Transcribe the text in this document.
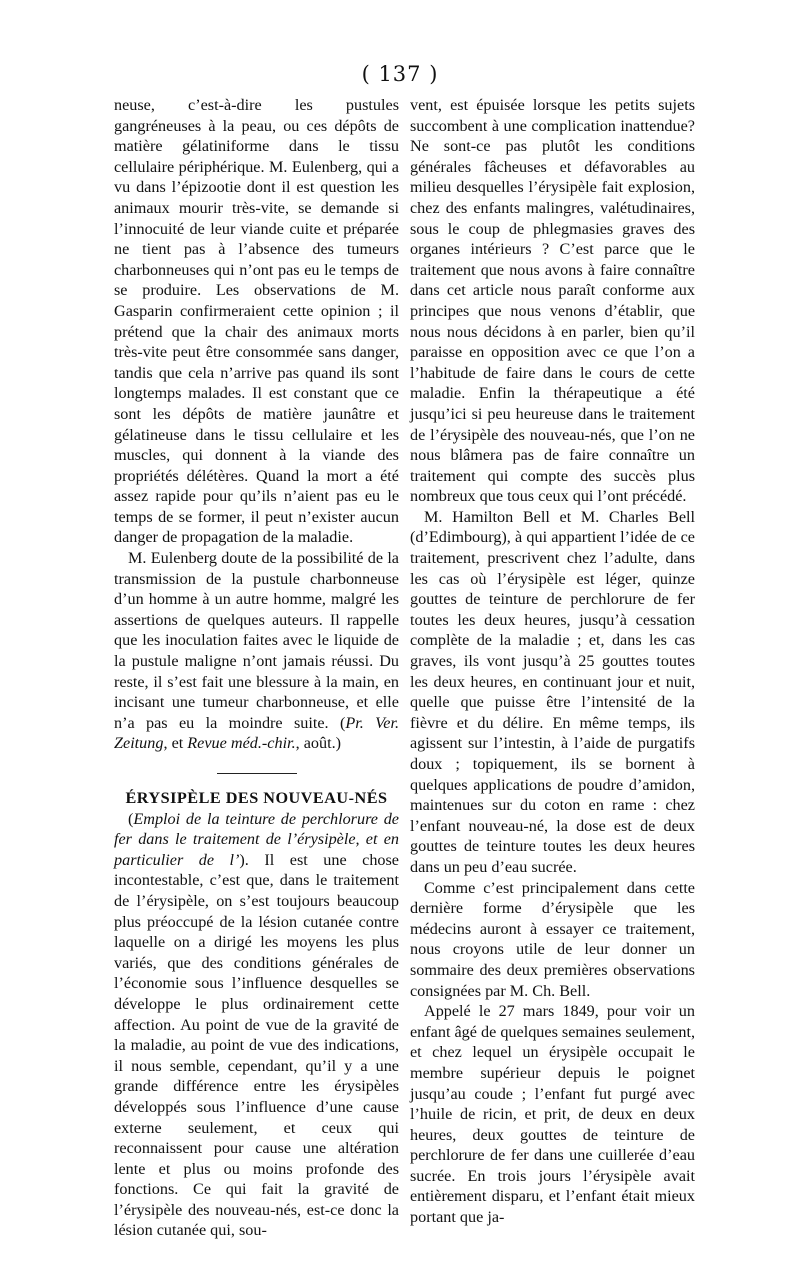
( 137 )

neuse, c’est-à-dire les pustules gangréneuses à la peau, ou ces dépôts de matière gélatiniforme dans le tissu cellulaire périphérique. M. Eulenberg, qui a vu dans l’épizootie dont il est question les animaux mourir très-vite, se demande si l’innocuité de leur viande cuite et préparée ne tient pas à l’absence des tumeurs charbonneuses qui n’ont pas eu le temps de se produire. Les observations de M. Gasparin confirmeraient cette opinion ; il prétend que la chair des animaux morts très-vite peut être consommée sans danger, tandis que cela n’arrive pas quand ils sont longtemps malades. Il est constant que ce sont les dépôts de matière jaunâtre et gélatineuse dans le tissu cellulaire et les muscles, qui donnent à la viande des propriétés délétères. Quand la mort a été assez rapide pour qu’ils n’aient pas eu le temps de se former, il peut n’exister aucun danger de propagation de la maladie.

M. Eulenberg doute de la possibilité de la transmission de la pustule charbonneuse d’un homme à un autre homme, malgré les assertions de quelques auteurs. Il rappelle que les inoculation faites avec le liquide de la pustule maligne n’ont jamais réussi. Du reste, il s’est fait une blessure à la main, en incisant une tumeur charbonneuse, et elle n’a pas eu la moindre suite. (Pr. Ver. Zeitung, et Revue méd.-chir., août.)

ÉRYSIPÈLE DES NOUVEAU-NÉS

(Emploi de la teinture de perchlorure de fer dans le traitement de l’érysipèle, et en particulier de l’). Il est une chose incontestable, c’est que, dans le traitement de l’érysipèle, on s’est toujours beaucoup plus préoccupé de la lésion cutanée contre laquelle on a dirigé les moyens les plus variés, que des conditions générales de l’économie sous l’influence desquelles se développe le plus ordinairement cette affection. Au point de vue de la gravité de la maladie, au point de vue des indications, il nous semble, cependant, qu’il y a une grande différence entre les érysipèles développés sous l’influence d’une cause externe seulement, et ceux qui reconnaissent pour cause une altération lente et plus ou moins profonde des fonctions. Ce qui fait la gravité de l’érysipèle des nouveau-nés, est-ce donc la lésion cutanée qui, sou-

vent, est épuisée lorsque les petits sujets succombent à une complication inattendue? Ne sont-ce pas plutôt les conditions générales fâcheuses et défavorables au milieu desquelles l’érysipèle fait explosion, chez des enfants malingres, valétudinaires, sous le coup de phlegmasies graves des organes intérieurs ? C’est parce que le traitement que nous avons à faire connaître dans cet article nous paraît conforme aux principes que nous venons d’établir, que nous nous décidons à en parler, bien qu’il paraisse en opposition avec ce que l’on a l’habitude de faire dans le cours de cette maladie. Enfin la thérapeutique a été jusqu’ici si peu heureuse dans le traitement de l’érysipèle des nouveau-nés, que l’on ne nous blâmera pas de faire connaître un traitement qui compte des succès plus nombreux que tous ceux qui l’ont précédé.

M. Hamilton Bell et M. Charles Bell (d’Edimbourg), à qui appartient l’idée de ce traitement, prescrivent chez l’adulte, dans les cas où l’érysipèle est léger, quinze gouttes de teinture de perchlorure de fer toutes les deux heures, jusqu’à cessation complète de la maladie ; et, dans les cas graves, ils vont jusqu’à 25 gouttes toutes les deux heures, en continuant jour et nuit, quelle que puisse être l’intensité de la fièvre et du délire. En même temps, ils agissent sur l’intestin, à l’aide de purgatifs doux ; topiquement, ils se bornent à quelques applications de poudre d’amidon, maintenues sur du coton en rame : chez l’enfant nouveau-né, la dose est de deux gouttes de teinture toutes les deux heures dans un peu d’eau sucrée.

Comme c’est principalement dans cette dernière forme d’érysipèle que les médecins auront à essayer ce traitement, nous croyons utile de leur donner un sommaire des deux premières observations consignées par M. Ch. Bell.

Appelé le 27 mars 1849, pour voir un enfant âgé de quelques semaines seulement, et chez lequel un érysipèle occupait le membre supérieur depuis le poignet jusqu’au coude ; l’enfant fut purgé avec l’huile de ricin, et prit, de deux en deux heures, deux gouttes de teinture de perchlorure de fer dans une cuillerée d’eau sucrée. En trois jours l’érysipèle avait entièrement disparu, et l’enfant était mieux portant que ja-
